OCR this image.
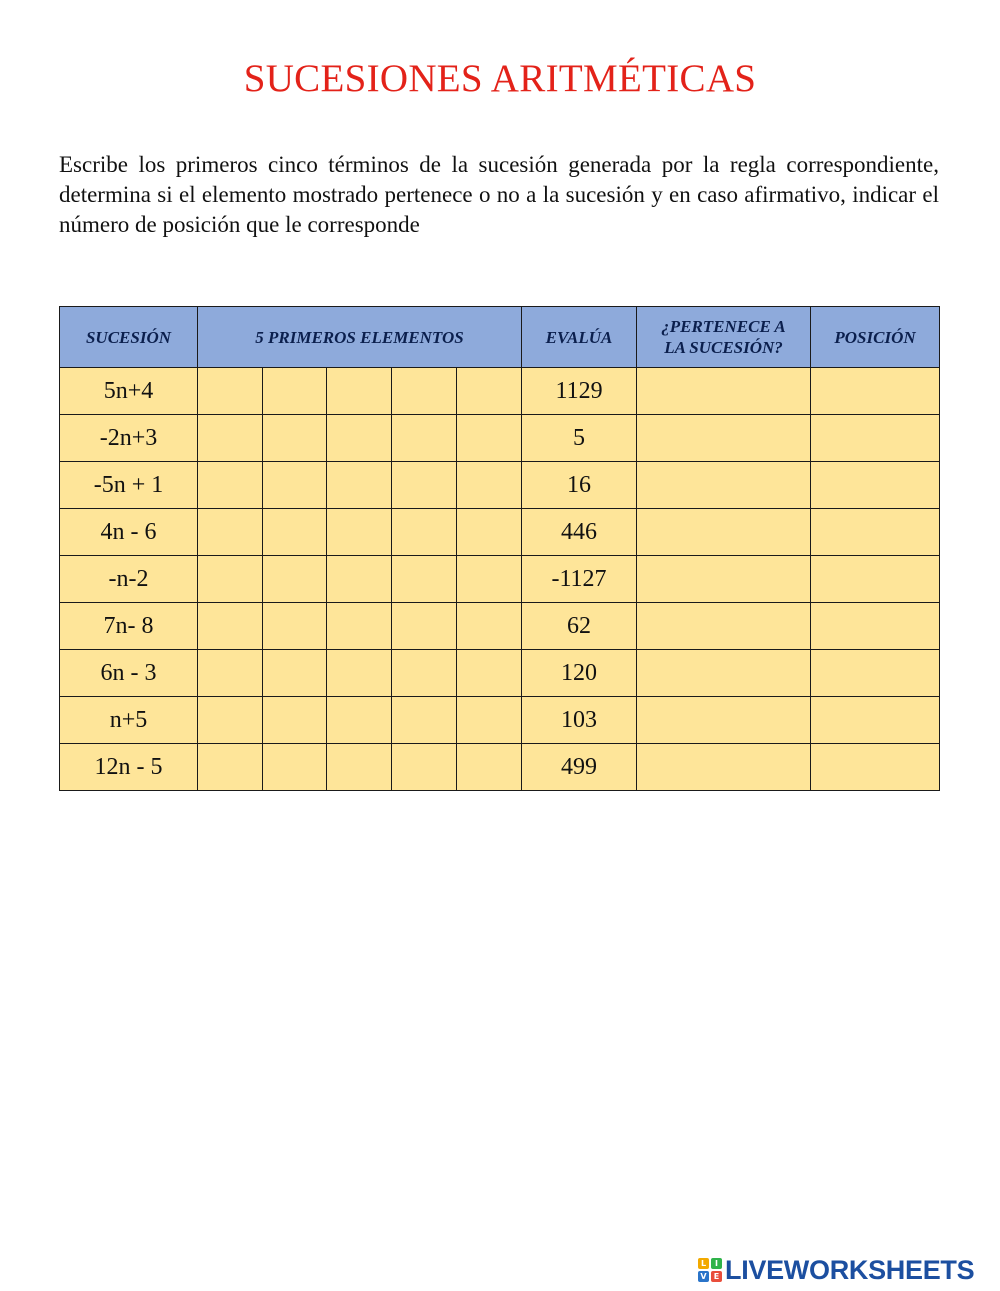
SUCESIONES ARITMÉTICAS
Escribe los primeros cinco términos de la sucesión generada por la regla correspondiente, determina si el elemento mostrado pertenece o no a la sucesión y en caso afirmativo, indicar el número de posición que le corresponde
SUCESIÓN	5 PRIMEROS ELEMENTOS					EVALÚA	¿PERTENECE A LA SUCESIÓN?	POSICIÓN
5n+4						1129		
-2n+3						5		
-5n + 1						16		
4n - 6						446		
-n-2						-1127		
7n- 8						62		
6n - 3						120		
n+5						103		
12n - 5						499		
L	I
V E LIVEWORKSHEETS
